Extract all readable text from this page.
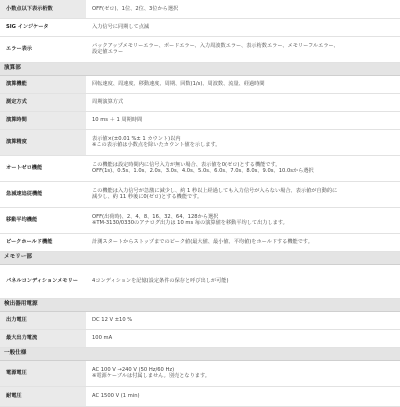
小数点以下表示桁数	OFF(ゼロ)、1位、2位、3位から選択

SIG インジケータ	入力信号に同期して点滅

エラー表示	バックアップメモリーエラー、ボードエラー、入力周波数エラー、表示桁数エラー、メモリーフルエラー、
設定値エラー

演算部	
演算機能	回転速度、周速度、移動速度、周期、回数(1/s)、周波数、流量、経過時間

測定方式	周期演算方式

演算時間	10 ms ＋ 1 周期時間

演算精度	表示値×(±0.01 %± 1 カウント)以内
※この表示値は小数点を除いたカウント値を示します。

オートゼロ機能	この機能は設定時間内に信号入力が無い場合、表示値を0(ゼロ)とする機能です。
OFF(1s)、0.5s、1.0s、2.0s、3.0s、4.0s、5.0s、6.0s、7.0s、8.0s、9.0s、10.0sから選択

急減速追従機能	この機能は入力信号が急激に減少し、約 1 秒以上経過しても入力信号が入らない場合、表示値が自動的に
減少し、約 11 秒後に0(ゼロ)とする機能です。

移動平均機能	OFF(出荷時)、2、4、8、16、32、64、128から選択
※TM-3130/0330のアナログ出力は 10 ms 毎の演算値を移動平均して出力します。

ピークホールド機能	計測スタートからストップまでのピーク値(最大値、最小値、平均値)をホールドする機能です。

メモリー部	
パネルコンディションメモリー	4コンディションを記憶(設定条件の保存と呼び出しが可能)

検出器用電源	
出力電圧	DC 12 V ±10 %

最大出力電流	100 mA

一般仕様	
電源電圧	AC 100 V →240 V (50 Hz/60 Hz)
※電源ケーブルは付属しません。別売となります。

耐電圧	AC 1500 V (1 min)
